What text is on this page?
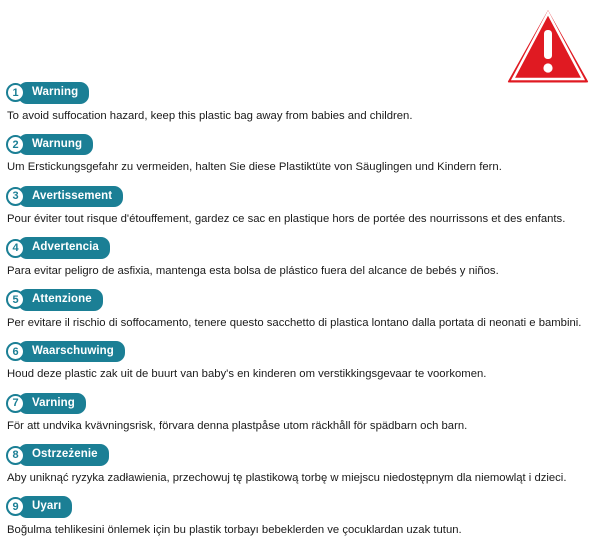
1	Warning
To avoid suffocation hazard, keep this plastic bag away from babies and children.
2	Warnung
Um Erstickungsgefahr zu vermeiden, halten Sie diese Plastiktüte von Säuglingen und Kindern fern.
3	Avertissement
Pour éviter tout risque d'étouffement, gardez ce sac en plastique hors de portée des nourrissons et des enfants.
4	Advertencia
Para evitar peligro de asfixia, mantenga esta bolsa de plástico fuera del alcance de bebés y niños.
5	Attenzione
Per evitare il rischio di soffocamento, tenere questo sacchetto di plastica lontano dalla portata di neonati e bambini.
6	Waarschuwing
Houd deze plastic zak uit de buurt van baby's en kinderen om verstikkingsgevaar te voorkomen.
7	Varning
För att undvika kvävningsrisk, förvara denna plastpåse utom räckhåll för spädbarn och barn.
8	Ostrzeżenie
Aby uniknąć ryzyka zadławienia, przechowuj tę plastikową torbę w miejscu niedostępnym dla niemowląt i dzieci.
9	Uyarı
Boğulma tehlikesini önlemek için bu plastik torbayı bebeklerden ve çocuklardan uzak tutun.
